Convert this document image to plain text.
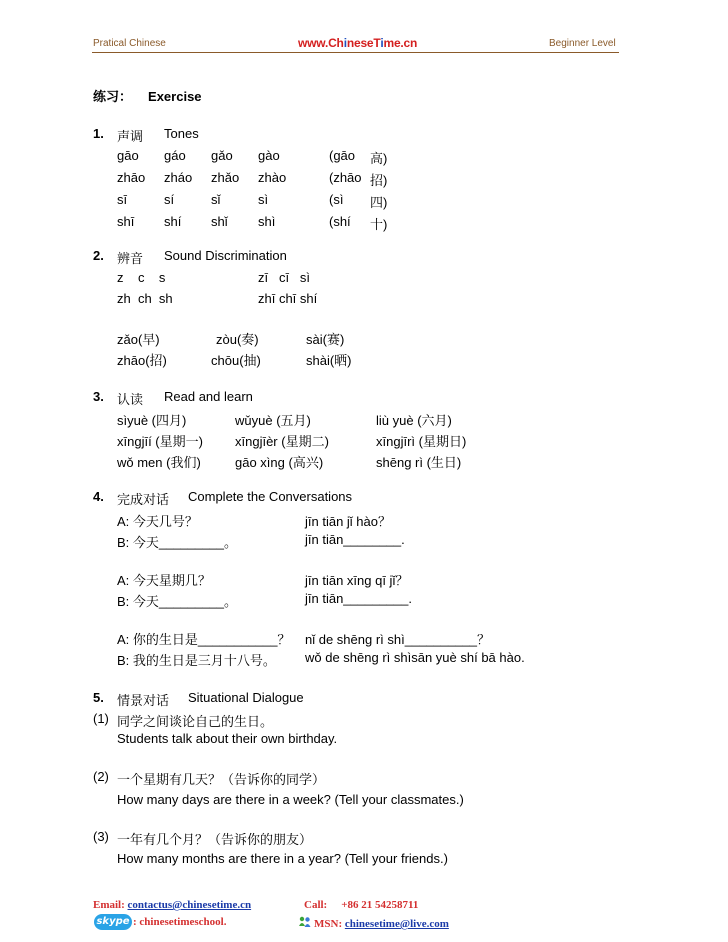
Pratical Chinese	www.ChineseTime.cn	Beginner Level
练习： Exercise
1. 声调 Tones
gāo gáo gǎo gào	(gāo 高)
zhāo zháo zhǎo zhào	(zhāo 招)
sī	sí	sǐ	sì	(sì 四)
shī shí shǐ shì	(shí 十)
2. 辨音 Sound Discrimination
z    c    s	zī   cī   sì
zh  ch  sh	zhī chī shí
zǎo(早)	zòu(奏)	sài(赛)
zhāo(招)	chōu(抽)	shài(晒)
3. 认读 Read and learn
sìyuè (四月)	wǔyuè (五月)	liù yuè (六月)
xīngjīí (星期一) xīngjīèr (星期二)	xīngjīrì (星期日)
wǒ men (我们)	gāo xìng (高兴)	shēng rì (生日)
4. 完成对话 Complete the Conversations
A: 今天几号？	jīn tiān jǐ hào？
B: 今天_________。	jīn tiān________.
A: 今天星期几？	jīn tiān xīng qī jǐ？
B: 今天_________。	jīn tiān_________.
A: 你的生日是___________？ nǐ de shēng rì shì__________？
B: 我的生日是三月十八号。 wǒ de shēng rì shìsān yuè shí bā hào.
5. 情景对话 Situational Dialogue
(1) 同学之间谈论自己的生日。
Students talk about their own birthday.
(2) 一个星期有几天？（告诉你的同学）
How many days are there in a week? (Tell your classmates.)
(3) 一年有几个月？（告诉你的朋友）
How many months are there in a year? (Tell your friends.)
Email: contactus@chinesetime.cn	Call: +86 21 54258711
skype : chinesetimeschool.	MSN: chinesetime@live.com
